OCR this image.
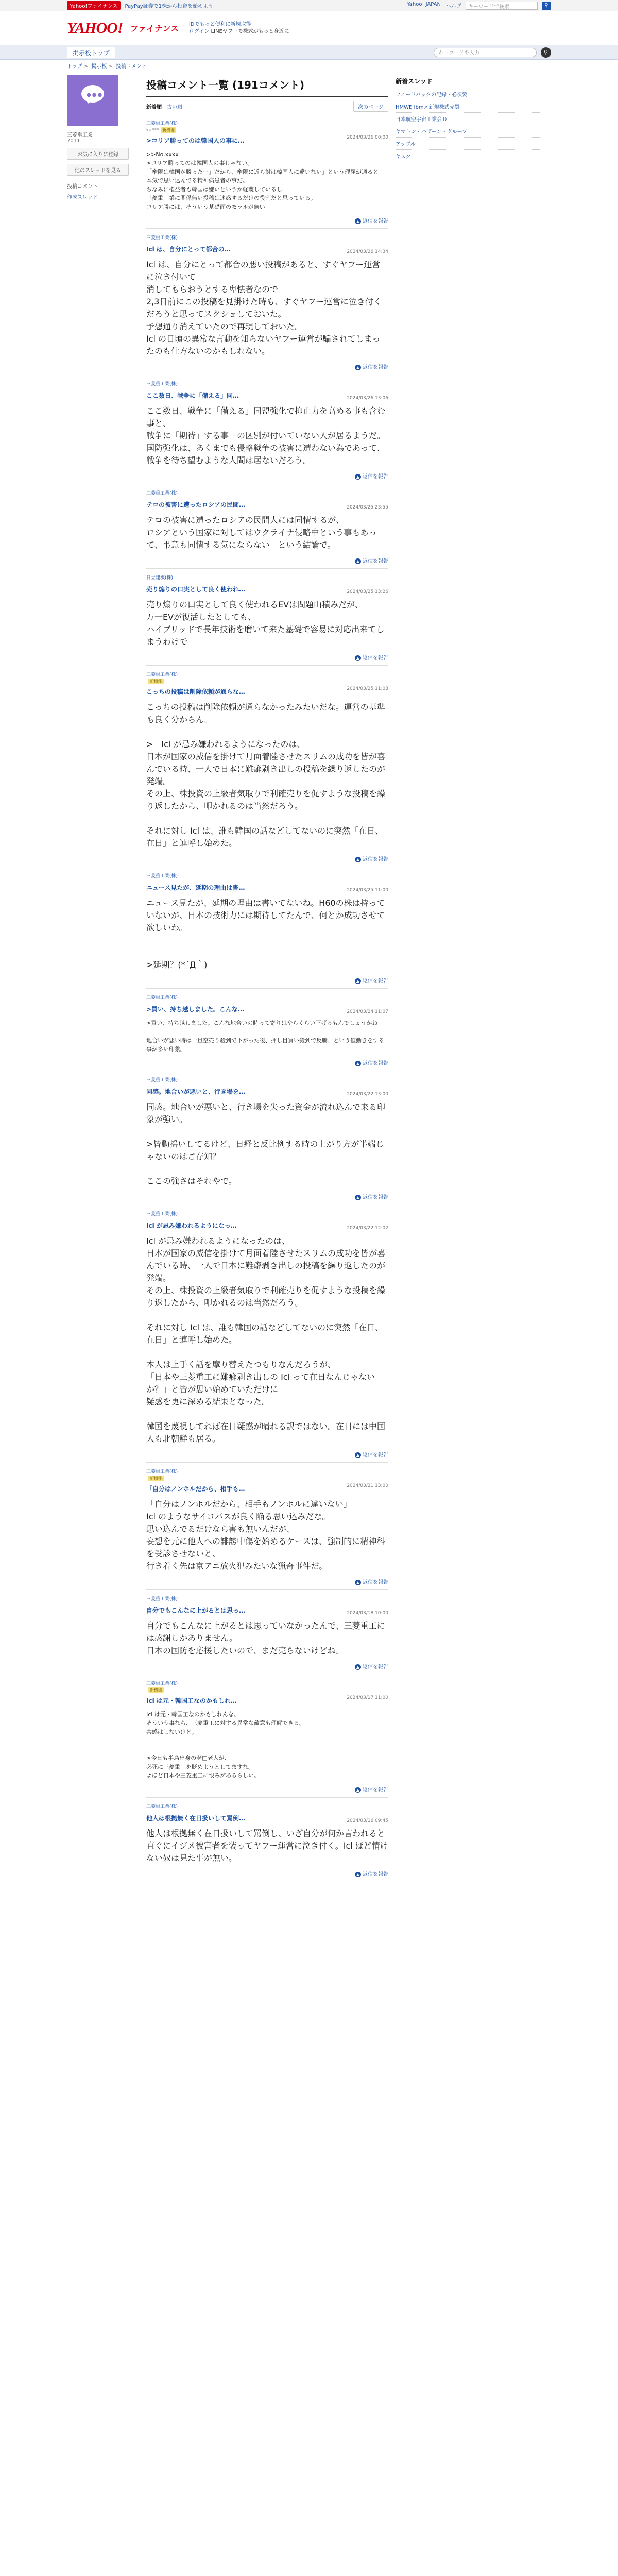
Yahoo!ファイナンス	PayPay証券で1株から投資を始めよう	Yahoo! JAPAN ヘルプ	キーワードで検索	⚲
YAHOO! ファイナンス IDでもっと便利に新規取得
ログイン LINEヤフーで株式がもっと身近に
掲示板トップ	キーワードを入力	⚲
トップ > 掲示板 > 投稿コメント
●●●
三菱重工業
7011
お気に入りに登録
他のスレッドを見る
投稿コメント
作成スレッド
投稿コメント一覧 (191コメント)
新着順 古い順	次のページ
三菱重工業(株)
ka*** 新機能
2024/03/26 00:00
>コリア勝ってのは韓国人の事に…
>>No.xxxx
>コリア勝ってのは韓国人の事じゃない。
「権限は韓国が勝ったー」だから、権限に近ら対は韓国人に違いない」という理屈が通ると
本気で思い込んでる精神病患者の事だ。
ちなみに権益者も韓国は嫌いというか軽蔑しているし
三菱重工業に関係無い投稿は迷惑するだけの役割だと思っている。
コリア勝には、そういう基礎面のモラルが無い
▲ 返信を報告
三菱重工業(株)
2024/03/26 14:34
Icl は、自分にとって都合の…
Icl は、自分にとって都合の悪い投稿があると、すぐヤフー運営に泣き付いて
消してもらおうとする卑怯者なので
2,3日前にこの投稿を見掛けた時も、すぐヤフー運営に泣き付くだろうと思ってスクショしておいた。
予想通り消えていたので再現しておいた。
Icl の日頃の異常な言動を知らないヤフー運営が騙されてしまったのも仕方ないのかもしれない。
▲ 返信を報告
三菱重工業(株)
2024/03/26 13:06
ここ数日、戦争に「備える」同…
ここ数日、戦争に「備える」同盟強化で抑止力を高める事も含む事と、
戦争に「期待」する事　の区別が付いていない人が居るようだ。
国防強化は、あくまでも侵略戦争の被害に遭わない為であって、
戦争を待ち望むような人間は居ないだろう。
▲ 返信を報告
三菱重工業(株)
2024/03/25 23:55
テロの被害に遭ったロシアの民間…
テロの被害に遭ったロシアの民間人には同情するが、
ロシアという国家に対してはウクライナ侵略中という事もあって、弔意も同情する気にならない　という結論で。
▲ 返信を報告
日立建機(株)
2024/03/25 13:26
売り煽りの口実として良く使われ…
売り煽りの口実として良く使われるEVは問題山積みだが、
万一EVが復活したとしても、
ハイブリッドで長年技術を磨いて来た基礎で容易に対応出来てしまうわけで
▲ 返信を報告
三菱重工業(株)
新機能
2024/03/25 11:08
こっちの投稿は削除依頼が通らな…
こっちの投稿は削除依頼が通らなかったみたいだな。運営の基準も良く分からん。

>　Icl が忌み嫌われるようになったのは、
日本が国家の威信を掛けて月面着陸させたスリムの成功を皆が喜んでいる時、一人で日本に難癖剥き出しの投稿を繰り返したのが発端。
その上、株投資の上級者気取りで利確売りを促すような投稿を繰り返したから、叩かれるのは当然だろう。

それに対し Icl は、誰も韓国の話などしてないのに突然「在日、在日」と連呼し始めた。
▲ 返信を報告
三菱重工業(株)
2024/03/25 11:00
ニュース見たが、延期の理由は書…
ニュース見たが、延期の理由は書いてないね。H60の株は持っていないが、日本の技術力には期待してたんで、何とか成功させて欲しいわ。

>延期？(*´Д｀)
▲ 返信を報告
三菱重工業(株)
2024/03/24 11:07
>買い、持ち越しました。こんな…
>買い、持ち越しました。こんな地合いの時って寄りはやらくらい下げるもんでしょうかね

地合いが悪い時は一旦空売り殺到で下がった後、押し目買い殺到で反騰、という値動きをする事が多い印象。
▲ 返信を報告
三菱重工業(株)
2024/03/22 13:00
同感。地合いが悪いと、行き場を…
同感。地合いが悪いと、行き場を失った資金が流れ込んで来る印象が強い。

>皆動揺いしてるけど、日経と反比例する時の上がり方が半端じゃないのはご存知？

ここの強さはそれやで。
▲ 返信を報告
三菱重工業(株)
2024/03/22 12:02
Icl が忌み嫌われるようになっ…
Icl が忌み嫌われるようになったのは、
日本が国家の威信を掛けて月面着陸させたスリムの成功を皆が喜んでいる時、一人で日本に難癖剥き出しの投稿を繰り返したのが発端。
その上、株投資の上級者気取りで利確売りを促すような投稿を繰り返したから、叩かれるのは当然だろう。

それに対し Icl は、誰も韓国の話などしてないのに突然「在日、在日」と連呼し始めた。

本人は上手く話を摩り替えたつもりなんだろうが、
「日本や三菱重工に難癖剥き出しの Icl って在日なんじゃないか？」と皆が思い始めていただけに
疑惑を更に深める結果となった。

韓国を蔑視してれば在日疑惑が晴れる訳ではない。在日には中国人も北朝鮮も居る。
▲ 返信を報告
三菱重工業(株)
新機能
2024/03/21 13:00
「自分はノンホルだから、相手も…
「自分はノンホルだから、相手もノンホルに違いない」
Icl のようなサイコパスが良く陥る思い込みだな。
思い込んでるだけなら害も無いんだが、
妄想を元に他人への誹謗中傷を始めるケースは、強制的に精神科を受診させないと、
行き着く先は京アニ放火犯みたいな猟奇事件だ。
▲ 返信を報告
三菱重工業(株)
2024/03/18 10:00
自分でもこんなに上がるとは思っ…
自分でもこんなに上がるとは思っていなかったんで、三菱重工には感謝しかありません。
日本の国防を応援したいので、まだ売らないけどね。
▲ 返信を報告
三菱重工業(株)
新機能
2024/03/17 11:00
Icl は元・韓国工なのかもしれ…
Icl は元・韓国工なのかもしれんな。
そういう事なら、三菱重工に対する異常な敵意も理解できる。
共感はしないけど。

>今日も半島出身の老□老人が、
必死に三菱重工を貶めようとしてますな。
よほど日本や三菱重工に恨みがあるらしい。
▲ 返信を報告
三菱重工業(株)
2024/03/16 09:45
他人は根拠無く在日扱いして罵倒…
他人は根拠無く在日扱いして罵倒し、いざ自分が何か言われると直ぐにイジメ被害者を装ってヤフー運営に泣き付く。Icl ほど情けない奴は見た事が無い。
▲ 返信を報告
新着スレッド
フィードバックの記録・必須要
HMWE Ibmメ新規株式売買
日本航空宇宙工業会Ｄ
ヤマトン・ハザーン・グループ
アップル
ヤスク
